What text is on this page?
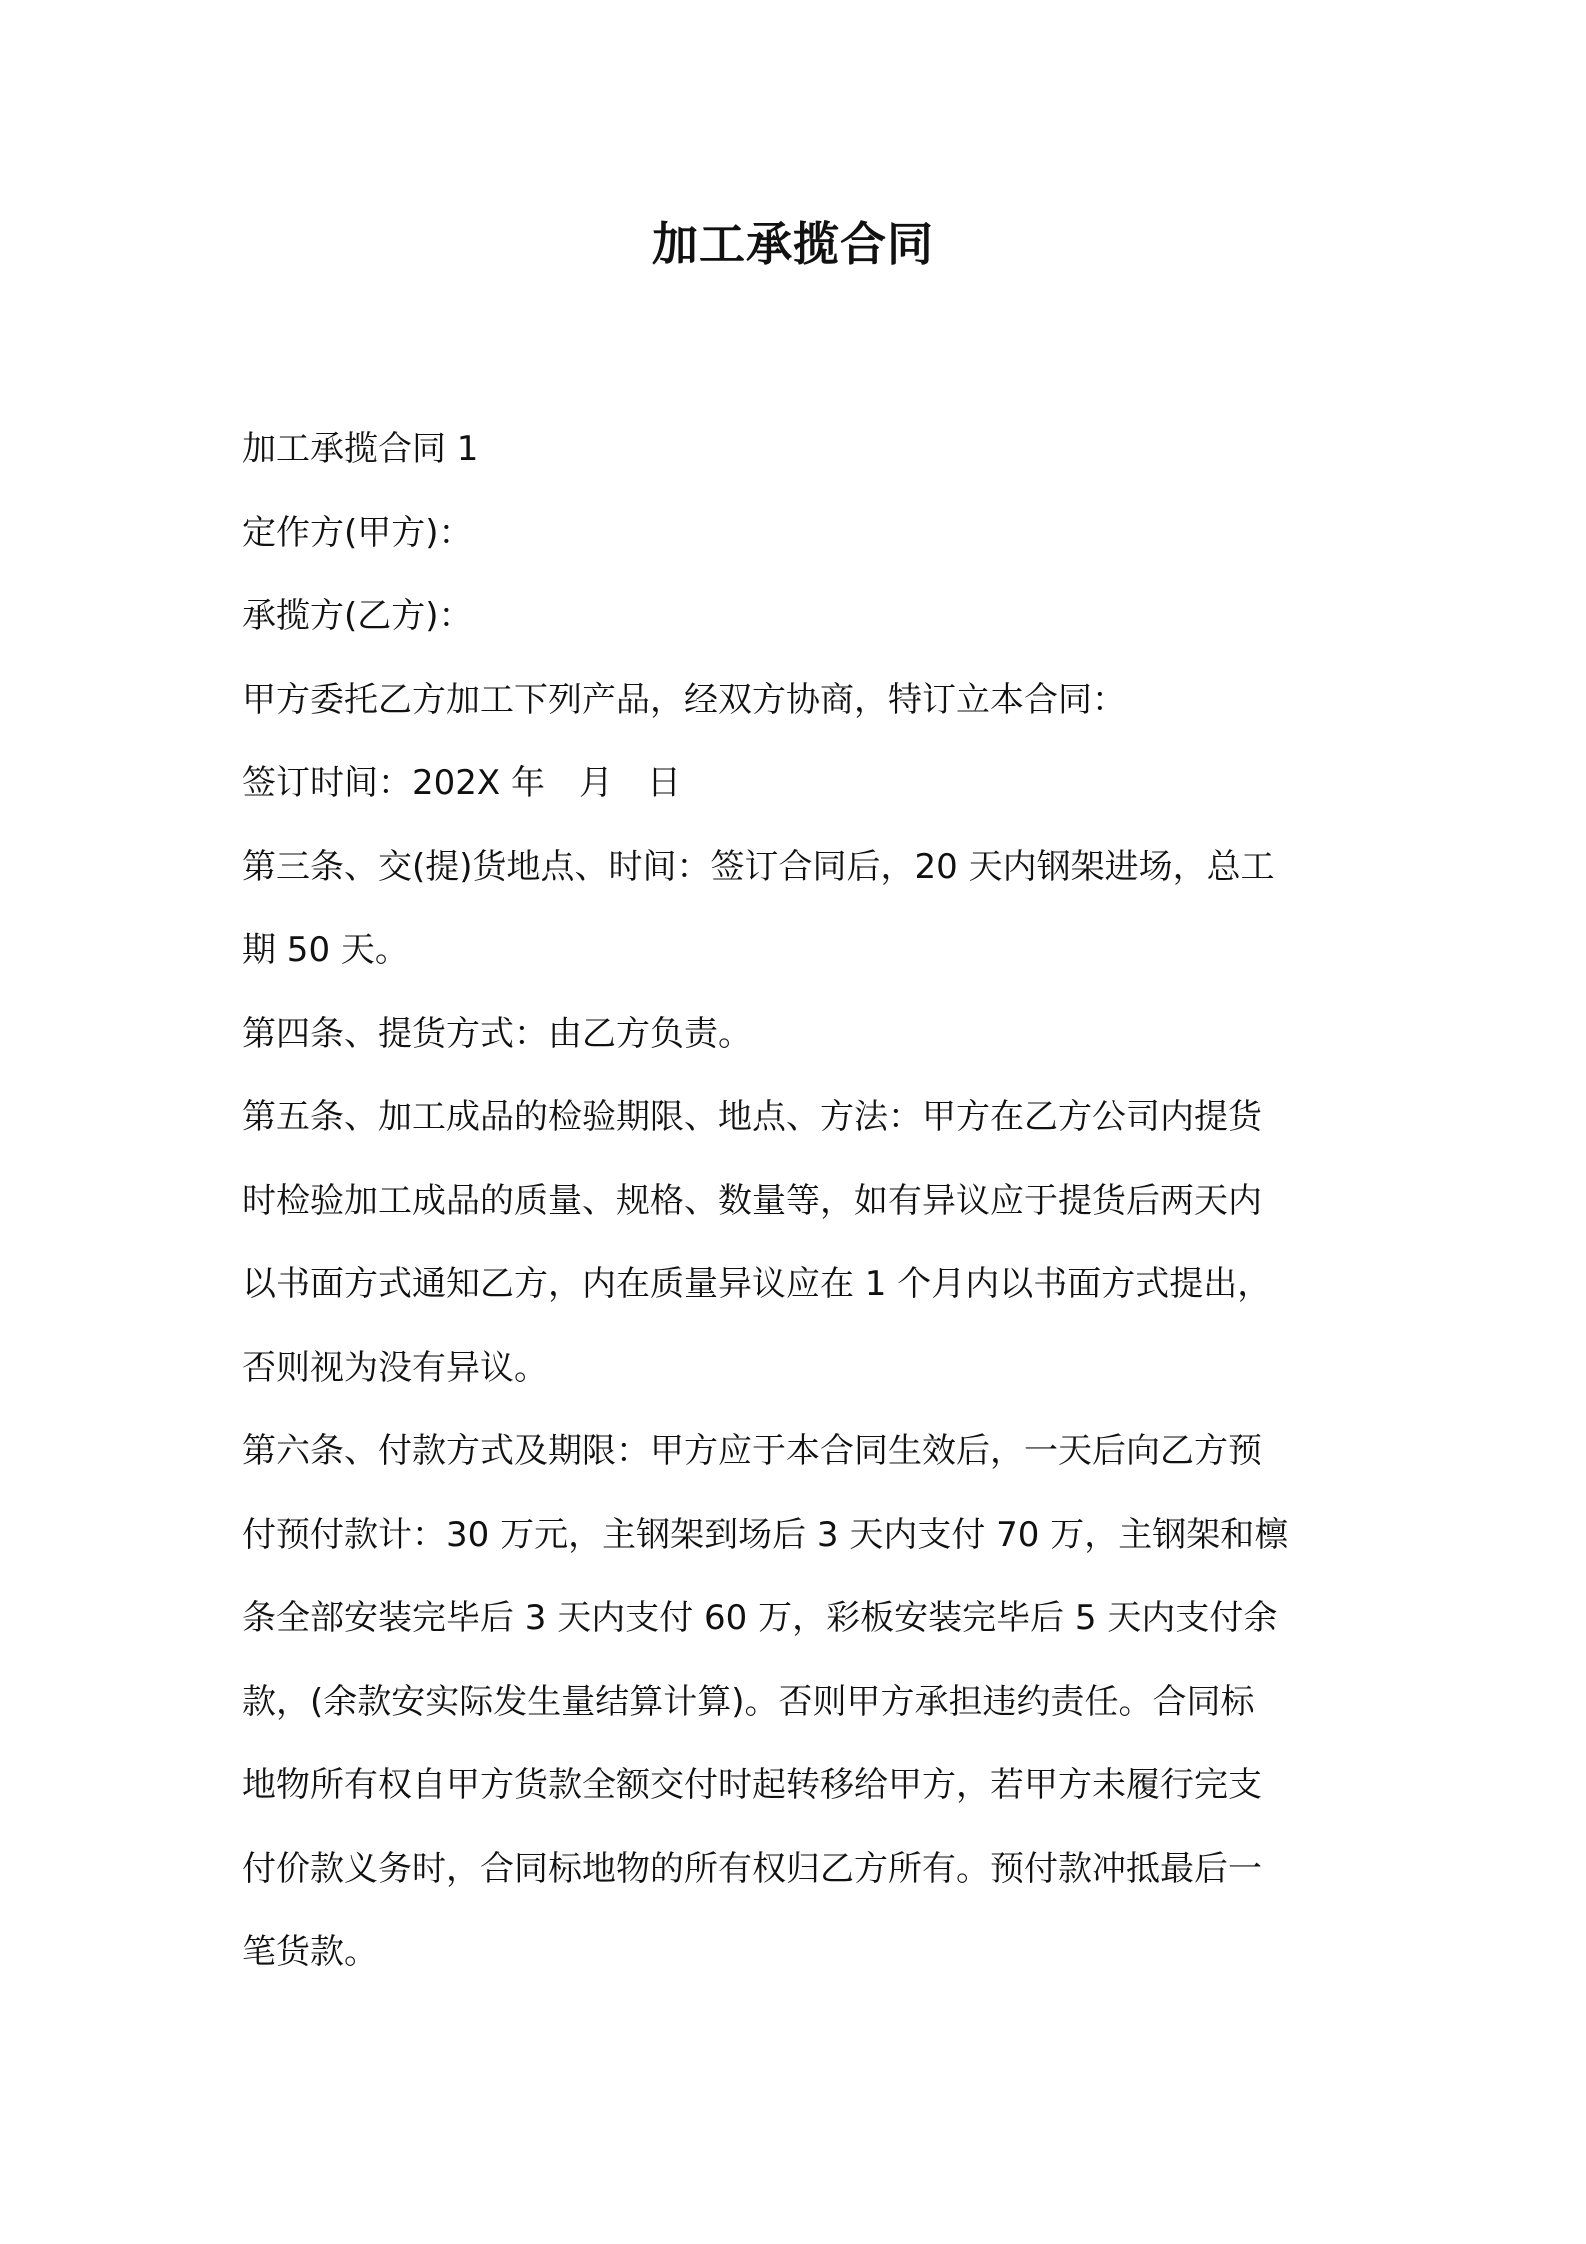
加工承揽合同
加工承揽合同 1
定作方(甲方)：
承揽方(乙方)：
甲方委托乙方加工下列产品，经双方协商，特订立本合同：
签订时间：202X 年　月　日
第三条、交(提)货地点、时间：签订合同后，20 天内钢架进场，总工
期 50 天。
第四条、提货方式：由乙方负责。
第五条、加工成品的检验期限、地点、方法：甲方在乙方公司内提货
时检验加工成品的质量、规格、数量等，如有异议应于提货后两天内
以书面方式通知乙方，内在质量异议应在 1 个月内以书面方式提出，
否则视为没有异议。
第六条、付款方式及期限：甲方应于本合同生效后，一天后向乙方预
付预付款计：30 万元，主钢架到场后 3 天内支付 70 万，主钢架和檩
条全部安装完毕后 3 天内支付 60 万，彩板安装完毕后 5 天内支付余
款，(余款安实际发生量结算计算)。否则甲方承担违约责任。合同标
地物所有权自甲方货款全额交付时起转移给甲方，若甲方未履行完支
付价款义务时，合同标地物的所有权归乙方所有。预付款冲抵最后一
笔货款。
